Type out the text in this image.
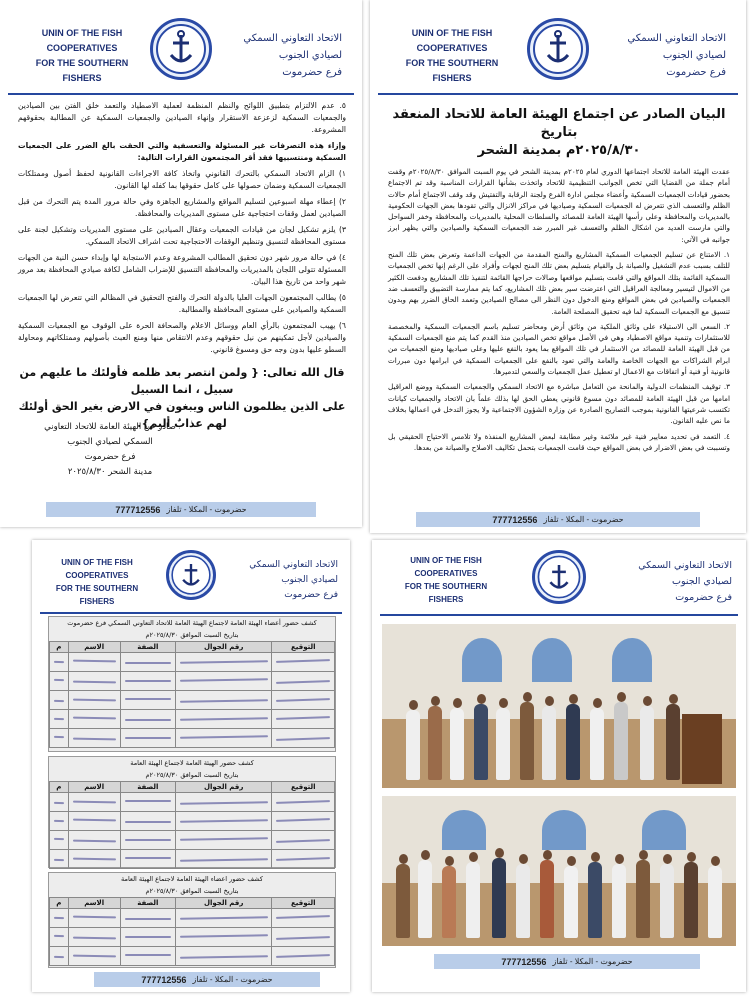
UNIN OF THE FISH
COOPERATIVES
FOR THE SOUTHERN
FISHERS
الاتحاد التعاوني السمكي
لصيادي الجنوب
فرع حضرموت

٥. عدم الالتزام بتطبيق اللوائح والنظم المنظمة لعملية الاصطياد والتعمد خلق الفتن بين الصيادين والجمعيات السمكية لزعزعة الاستقرار وإنهاء الصيادين والجمعيات السمكية عن المطالبة بحقوقهم المشروعة.

وإزاء هذه التصرفات غير المسئولة والتعسفية والتي الحقت بالغ الضرر على الجمعيات السمكية ومنتسبيها فقد أقر المجتمعون القرارات التالية:

١) الزام الاتحاد السمكي بالتحرك القانوني واتخاذ كافة الاجراءات القانونية لحفظ أصول وممتلكات الجمعيات السمكية وضمان حصولها على كامل حقوقها بما كفله لها القانون.

٢) إعطاء مهلة اسبوعين لتسليم المواقع والمشاريع الجاهزة وفي حالة مرور المدة يتم التحرك من قبل الصيادين لعمل وقفات احتجاجية على مستوى المديريات والمحافظة.

٣) يلزم تشكيل لجان من قيادات الجمعيات وعقال الصيادين على مستوى المديريات وتشكيل لجنة على مستوى المحافظة لتنسيق وتنظيم الوقفات الاحتجاجية تحت اشراف الاتحاد السمكي.

٤) في حالة مرور شهر دون تحقيق المطالب المشروعة وعدم الاستجابة لها وإبداء حسن النية من الجهات المسئولة تتولى اللجان بالمديريات والمحافظة التنسيق للإضراب الشامل لكافة صيادي المحافظة بعد مرور شهر واحد من تاريخ هذا البيان.

٥) يطالب المجتمعون الجهات العليا بالدولة التحرك والفتح التحقيق في المظالم التي تتعرض لها الجمعيات السمكية والصيادين على مستوى المحافظة والمطالبة.

٦) يهيب المجتمعون بالرأي العام ووسائل الاعلام والصحافة الحرة على الوقوف مع الجمعيات السمكية والصيادين لأجل تمكينهم من نيل حقوقهم وعدم الانتقاص منها ومنع العبث بأصولهم وممتلكاتهم ومحاولة السطو عليها بدون وجه حق ومسوغ قانوني.

قال الله تعالى: { ولمن انتصر بعد ظلمه فأولئك ما عليهم من سبيل ، انما السبيل
على الذين يظلمون الناس ويبغون في الارض بغير الحق أولئك لهم عذابٌ أليم}.
صادر عن الهيئة العامة للاتحاد التعاوني
السمكي لصيادي الجنوب
فرع حضرموت
مدينة الشحر ٢٠٢٥/٨/٣٠
777712556 حضرموت - المكلا - تلفاز
UNIN OF THE FISH
COOPERATIVES
FOR THE SOUTHERN
FISHERS
الاتحاد التعاوني السمكي
لصيادي الجنوب
فرع حضرموت
البيان الصادر عن اجتماع الهيئة العامة للاتحاد المنعقد بتاريخ
٢٠٢٥/٨/٣٠م بمدينة الشحر

عقدت الهيئة العامة للاتحاد اجتماعها الدوري لعام ٢٠٢٥م بمدينة الشحر في يوم السبت الموافق ٢٠٢٥/٨/٣٠م وقفت أمام جملة من القضايا التي تخص الجوانب التنظيمية للاتحاد واتخذت بشأنها القرارات المناسبة وقد تم الاجتماع بحضور قيادات الجمعيات السمكية وأعضاء مجلس ادارة الفرع ولجنة الرقابة والتفتيش وقد وقف الاجتماع أمام حالات الظلم والتعسف الذي تتعرض له الجمعيات السمكية وصياديها في مراكز الانزال والتي تقودها بعض الجهات الحكومية بالمديريات والمحافظة وعلى رأسها الهيئة العامة للمصائد والسلطات المحلية بالمديريات والمحافظة وخفر السواحل والتي مارست العديد من اشكال الظلم والتعسف غير المبرر ضد الجمعيات السمكية والصيادين والتي يظهر ابرز جوانبه في الآتي:

١. الامتناع عن تسليم الجمعيات السمكية المشاريع والمنح المقدمة من الجهات الداعمة وتعرض بعض تلك المنح للتلف بسبب عدم التشغيل والصيانة بل والقيام بتسليم بعض تلك المنح لجهات وأفراد على الرغم إنها تخص الجمعيات السمكية القائمة بتلك المواقع والتي قامت بتسليم مواقعها وصالات حراجها القائمة لتنفيذ تلك المشاريع ودفعت الكثير من الاموال لتيسير ومعالجة العراقيل التي اعترضت سير بعض تلك المشاريع، كما يتم ممارسة التضييق والتعسف ضد الجمعيات والصيادين في بعض المواقع ومنع الدخول دون النظر الى مصالح الصيادين وتعمد الحاق الضرر بهم وبدون تنسيق مع الجمعيات السمكية لما فيه تحقيق المصلحة العامة.

٢. السعي الى الاستيلاء على وثائق الملكية من وثائق أرض ومحاضر تسليم باسم الجمعيات السمكية والمخصصة للاستثمارات وتنمية مواقع الاصطياد وهي في الأصل مواقع تخص الصيادين منذ القدم كما يتم منع الجمعيات السمكية من قبل الهيئة العامة للمصائد من الاستثمار في تلك المواقع بما يعود بالنفع عليها وعلى صياديها ومنع الجمعيات من ابرام الشراكات مع الجهات الخاصة والعامة والتي تعود بالنفع على الجمعيات السمكية في ابرامها دون مبررات قانونية أو فنية أو اتفاقات مع الاعمال او تعطيل عمل الجمعيات والسعي لتدميرها.

٣. توقيف المنظمات الدولية والمانحة من التعامل مباشرة مع الاتحاد السمكي والجمعيات السمكية ووضع العراقيل امامها من قبل الهيئة العامة للمصائد دون مسوغ قانوني يعطي الحق لها بذلك علماً بان الاتحاد والجمعيات كيانات تكتسب شرعيتها القانونية بموجب التصاريح الصادرة عن وزارة الشؤون الاجتماعية ولا يجوز التدخل في اعمالها بخلاف ما نص عليه القانون.

٤. التعمد في تحديد معايير فنية غير ملائمة وغير مطابقة لبعض المشاريع المنفذة ولا تلامس الاحتياج الحقيقي بل وتسببت في بعض الاضرار في بعض المواقع حيث قامت الجمعيات بتحمل تكاليف الاصلاح والصيانة من بعدها.

777712556 حضرموت - المكلا - تلفاز
UNIN OF THE FISH
COOPERATIVES
FOR THE SOUTHERN
FISHERS
الاتحاد التعاوني السمكي
لصيادي الجنوب
فرع حضرموت
كشف حضور أعضاء الهيئة العامة لاجتماع الهيئة العامة للاتحاد التعاوني السمكي فرع حضرموت
بتاريخ السبت الموافق ٢٠٢٥/٨/٣٠م
التوقيع	رقم الجوال	الصفة	الاسم	م

كشف حضور الهيئة العامة لاجتماع الهيئة العامة
بتاريخ السبت الموافق ٢٠٢٥/٨/٣٠م
التوقيع	رقم الجوال	الصفة	الاسم	م

كشف حضور اعضاء الهيئة العامة لاجتماع الهيئة العامة
بتاريخ السبت الموافق ٢٠٢٥/٨/٣٠م
التوقيع	رقم الجوال	الصفة	الاسم	م

777712556 حضرموت - المكلا - تلفاز
UNIN OF THE FISH
COOPERATIVES
FOR THE SOUTHERN
FISHERS
الاتحاد التعاوني السمكي
لصيادي الجنوب
فرع حضرموت
777712556 حضرموت - المكلا - تلفاز
